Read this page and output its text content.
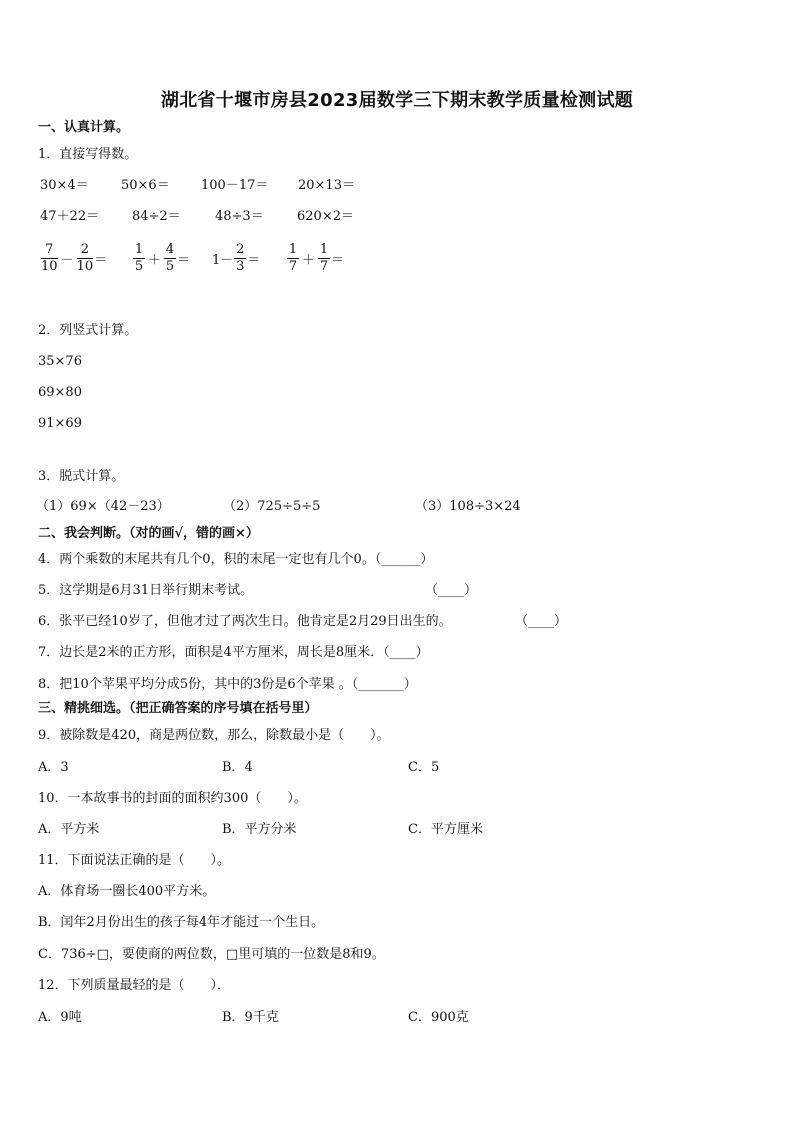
湖北省十堰市房县2023届数学三下期末教学质量检测试题
一、认真计算。
1．直接写得数。
30×4＝ 50×6＝ 100－17＝ 20×13＝
47＋22＝	84÷2＝	48÷3＝	620×2＝
7
10 －
2
10 ＝
1
5 ＋
4
5 ＝ 1－
2
3 ＝
1
7 ＋
1
7 ＝
2．列竖式计算。
35×76
69×80
91×69
3．脱式计算。
（1）69×（42－23）	（2）725÷5÷5	（3）108÷3×24
二、我会判断。（对的画√，错的画×）
4．两个乘数的末尾共有几个0，积的末尾一定也有几个0。（______）
5．这学期是6月31日举行期末考试。	（____）
6．张平已经10岁了，但他才过了两次生日。他肯定是2月29日出生的。	（____）
7．边长是2米的正方形，面积是4平方厘米，周长是8厘米．（____）
8．把10个苹果平均分成5份，其中的3份是6个苹果 。（_______）
三、精挑细选。（把正确答案的序号填在括号里）
9．被除数是420，商是两位数，那么，除数最小是（　　）。
A．3	B．4	C．5
10．一本故事书的封面的面积约300（　　）。
A．平方米	B．平方分米	C．平方厘米
11．下面说法正确的是（　　）。
A．体育场一圈长400平方米。
B．闰年2月份出生的孩子每4年才能过一个生日。
C．736÷□，要使商的两位数，□里可填的一位数是8和9。
12．下列质量最轻的是（　　）．
A．9吨	B．9千克	C．900克
